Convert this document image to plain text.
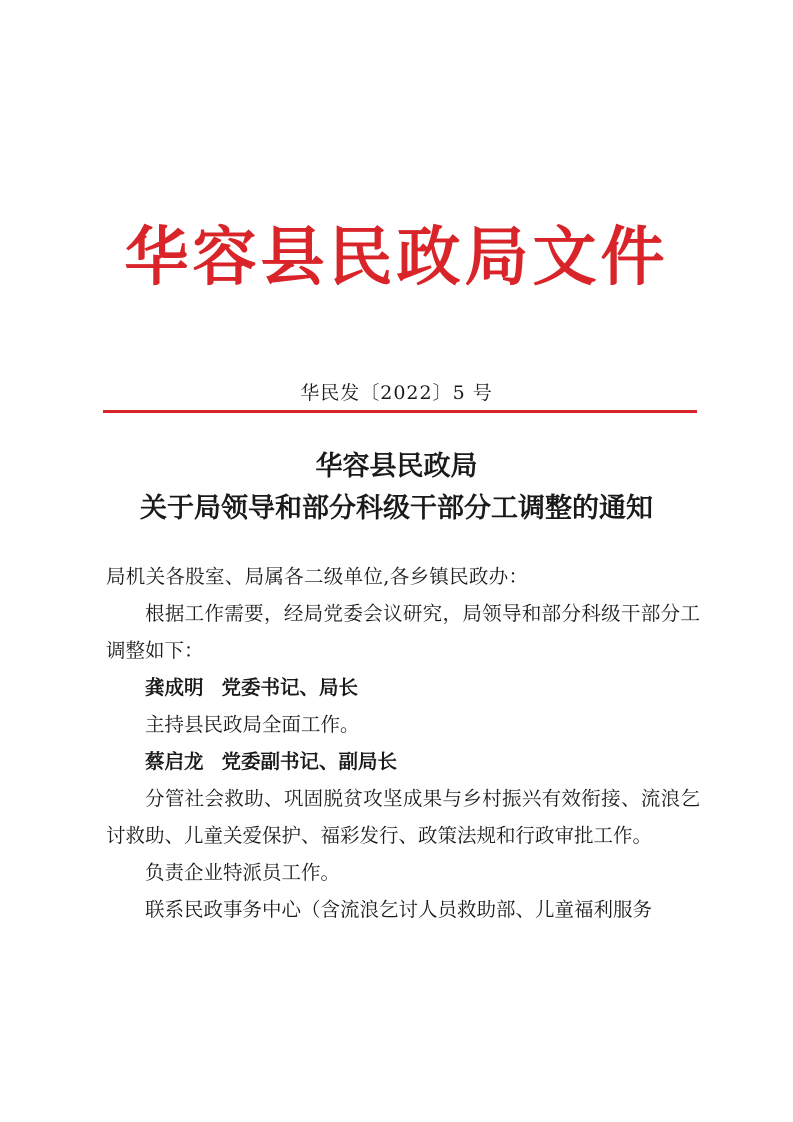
华容县民政局文件
华民发〔2022〕5 号
华容县民政局
关于局领导和部分科级干部分工调整的通知

局机关各股室、局属各二级单位,各乡镇民政办：

根据工作需要，经局党委会议研究，局领导和部分科级干部分工调整如下：

龚成明 党委书记、局长

主持县民政局全面工作。

蔡启龙 党委副书记、副局长

分管社会救助、巩固脱贫攻坚成果与乡村振兴有效衔接、流浪乞讨救助、儿童关爱保护、福彩发行、政策法规和行政审批工作。

负责企业特派员工作。

联系民政事务中心（含流浪乞讨人员救助部、儿童福利服务
